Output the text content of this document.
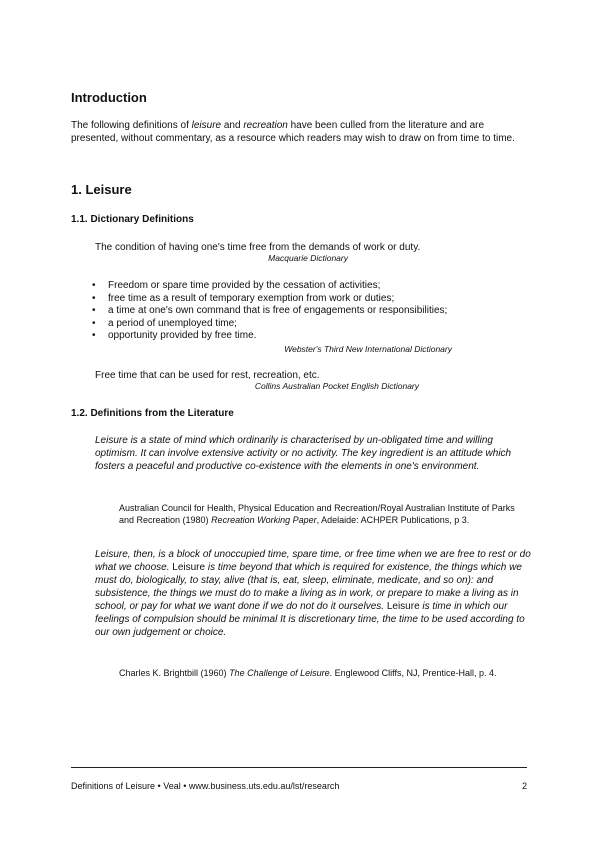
Introduction

The following definitions of leisure and recreation have been culled from the literature and are presented, without commentary, as a resource which readers may wish to draw on from time to time.

1. Leisure
1.1. Dictionary Definitions

The condition of having one's time free from the demands of work or duty.

Macquarie Dictionary

• Freedom or spare time provided by the cessation of activities;
• free time as a result of temporary exemption from work or duties;
• a time at one's own command that is free of engagements or responsibilities;
• a period of unemployed time;
• opportunity provided by free time.

Webster's Third New International Dictionary

Free time that can be used for rest, recreation, etc.

Collins Australian Pocket English Dictionary

1.2. Definitions from the Literature

Leisure is a state of mind which ordinarily is characterised by un-obligated time and willing optimism. It can involve extensive activity or no activity. The key ingredient is an attitude which fosters a peaceful and productive co-existence with the elements in one's environment.

Australian Council for Health, Physical Education and Recreation/Royal Australian Institute of Parks and Recreation (1980) Recreation Working Paper, Adelaide: ACHPER Publications, p 3.

Leisure, then, is a block of unoccupied time, spare time, or free time when we are free to rest or do what we choose. Leisure is time beyond that which is required for existence, the things which we must do, biologically, to stay, alive (that is, eat, sleep, eliminate, medicate, and so on): and subsistence, the things we must do to make a living as in work, or prepare to make a living as in school, or pay for what we want done if we do not do it ourselves. Leisure is time in which our feelings of compulsion should be minimal It is discretionary time, the time to be used according to our own judgement or choice.

Charles K. Brightbill (1960) The Challenge of Leisure. Englewood Cliffs, NJ, Prentice-Hall, p. 4.

Definitions of Leisure • Veal • www.business.uts.edu.au/lst/research	2
